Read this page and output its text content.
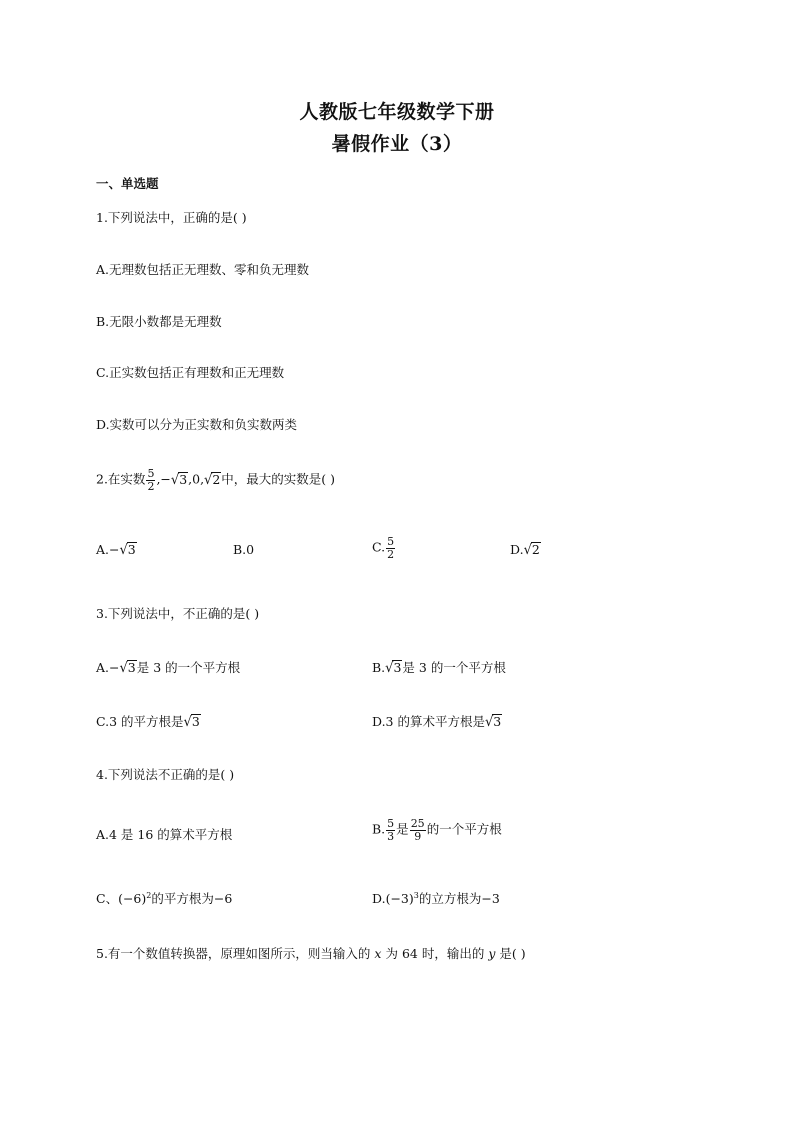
人教版七年级数学下册
暑假作业（3）
一、单选题
1.下列说法中，正确的是( )
A.无理数包括正无理数、零和负无理数
B.无限小数都是无理数
C.正实数包括正有理数和正无理数
D.实数可以分为正实数和负实数两类
2.在实数 $\frac{5}{2} ,-√3,0,√2$中，最大的实数是( )
A.−√3	B.0	C. $\frac{5}{2}$	D.√2
3.下列说法中，不正确的是( )
A.−√3是 3 的一个平方根	B.√3是 3 的一个平方根
C.3 的平方根是√3	D.3 的算术平方根是√3
4.下列说法不正确的是( )
A.4 是 16 的算术平方根	B. $\frac{5}{3}$ 是 $\frac{25}{9}$ 的一个平方根
C、$(-6)^2$的平方根为−6	$D.(-3)^3$的立方根为−3
5.有一个数值转换器，原理如图所示，则当输入的 x 为 64 时，输出的 y 是( )
